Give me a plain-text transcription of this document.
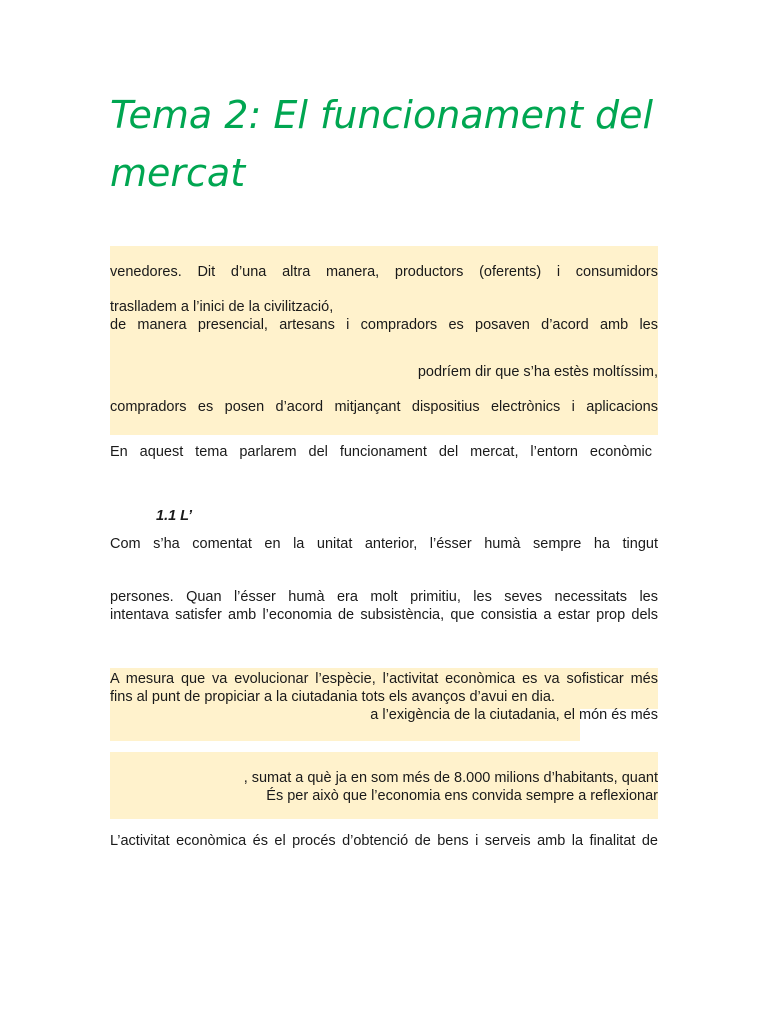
Tema 2: El funcionament del
mercat
venedores. Dit d’una altra manera, productors (oferents) i consumidors
traslladem a l’inici de la civilització,
de manera presencial, artesans i compradors es posaven d’acord amb les
podríem dir que s’ha estès moltíssim,
compradors es posen d’acord mitjançant dispositius electrònics i aplicacions
En aquest tema parlarem del funcionament del mercat, l’entorn econòmic
1.1 L’
Com s’ha comentat en la unitat anterior, l’ésser humà sempre ha tingut
persones. Quan l’ésser humà era molt primitiu, les seves necessitats les
intentava satisfer amb l’economia de subsistència, que consistia a estar prop dels
A mesura que va evolucionar l’espècie, l’activitat econòmica es va sofisticar més
fins al punt de propiciar a la ciutadania tots els avanços d’avui en dia.
a l’exigència de la ciutadania, el món és més
, sumat a què ja en som més de 8.000 milions d’habitants, quant
És per això que l’economia ens convida sempre a reflexionar
L’activitat econòmica és el procés d’obtenció de bens i serveis amb la finalitat de
